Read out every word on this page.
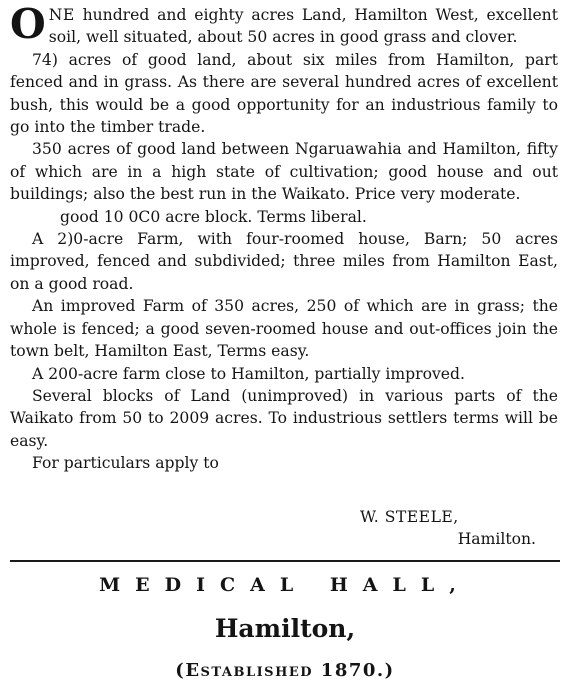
ONE hundred and eighty acres Land, Hamilton West, excellent soil, well situated, about 50 acres in good grass and clover.

74) acres of good land, about six miles from Hamilton, part fenced and in grass. As there are several hundred acres of excellent bush, this would be a good opportunity for an industrious family to go into the timber trade.

350 acres of good land between Ngaruawahia and Hamilton, fifty of which are in a high state of cultivation; good house and out buildings; also the best run in the Waikato. Price very moderate.

good 10 0C0 acre block. Terms liberal.

A 2)0-acre Farm, with four-roomed house, Barn; 50 acres improved, fenced and subdivided; three miles from Hamilton East, on a good road.

An improved Farm of 350 acres, 250 of which are in grass; the whole is fenced; a good seven-roomed house and out-offices join the town belt, Hamilton East, Terms easy.

A 200-acre farm close to Hamilton, partially improved.

Several blocks of Land (unimproved) in various parts of the Waikato from 50 to 2009 acres. To industrious settlers terms will be easy.

For particulars apply to

W. STEELE,
Hamilton.
MEDICAL HALL,
Hamilton,
(Established 1870.)
